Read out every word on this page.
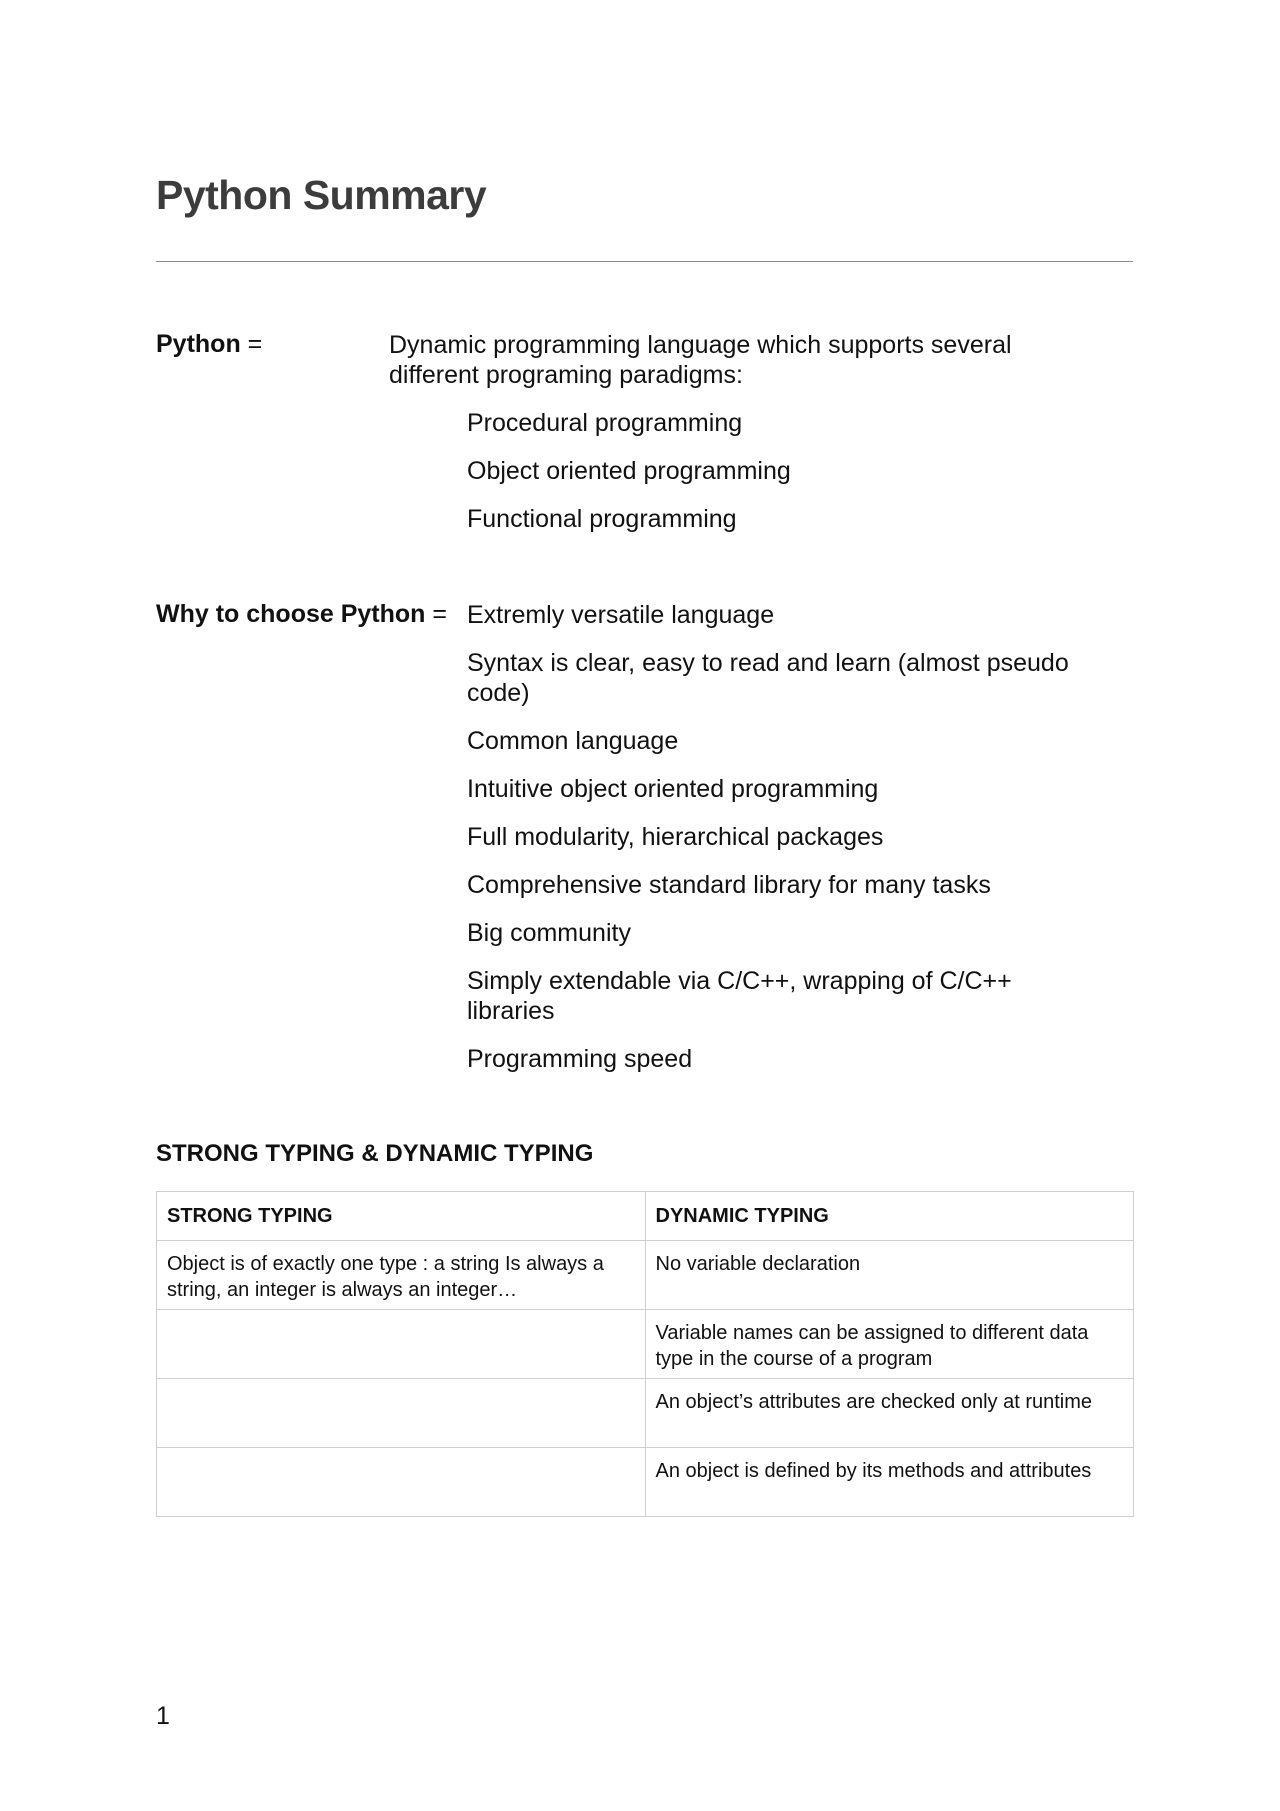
Python Summary
Python =	Dynamic programming language which supports several
different programing paradigms:
Procedural programming
Object oriented programming
Functional programming
Why to choose Python = Extremly versatile language
Syntax is clear, easy to read and learn (almost pseudo code)
Common language
Intuitive object oriented programming
Full modularity, hierarchical packages
Comprehensive standard library for many tasks
Big community
Simply extendable via C/C++, wrapping of C/C++ libraries
Programming speed
STRONG TYPING & DYNAMIC TYPING
STRONG TYPING	DYNAMIC TYPING
Object is of exactly one type : a string Is always a string, an integer is always an integer…	No variable declaration
	Variable names can be assigned to different data type in the course of a program
	An object’s attributes are checked only at runtime
	An object is defined by its methods and attributes
1
